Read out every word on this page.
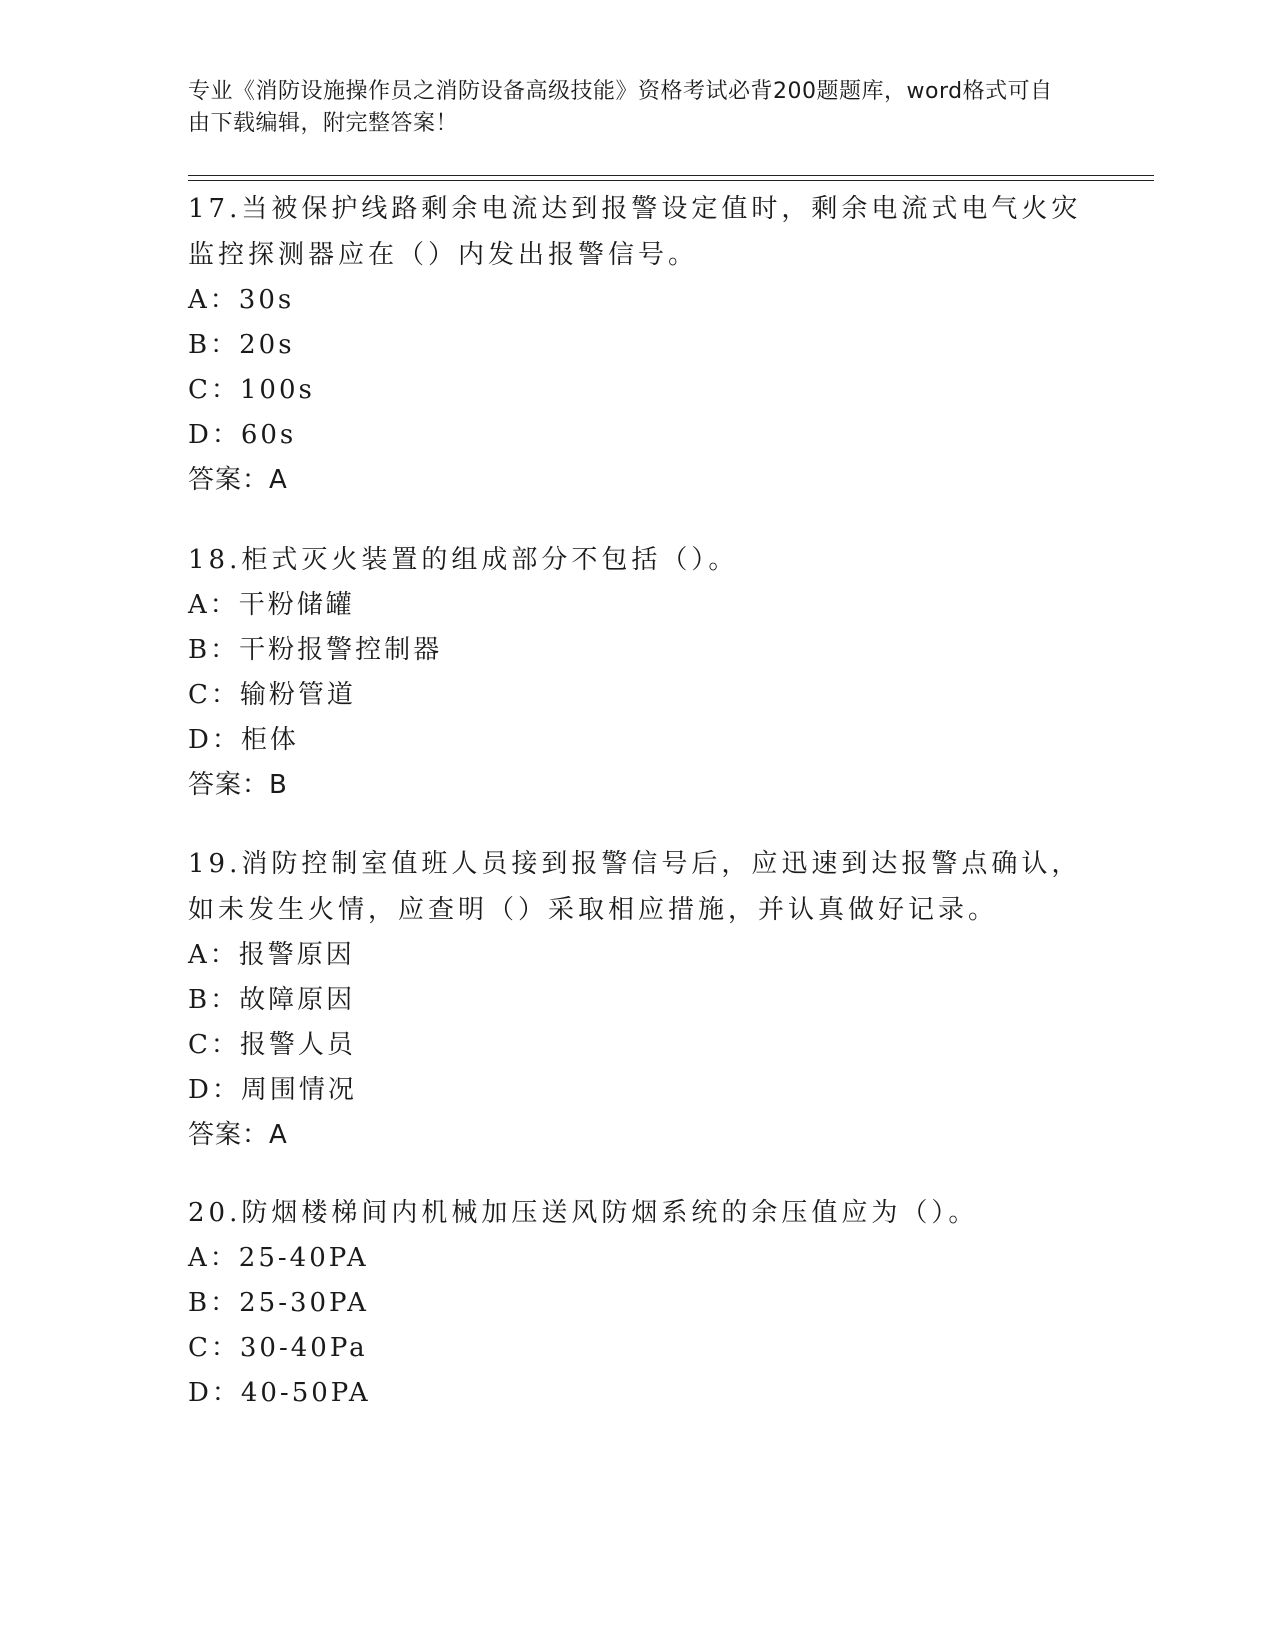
专业《消防设施操作员之消防设备高级技能》资格考试必背200题题库，word格式可自由下载编辑，附完整答案！
17.当被保护线路剩余电流达到报警设定值时，剩余电流式电气火灾监控探测器应在（）内发出报警信号。
A：30s
B：20s
C：100s
D：60s
答案：A
18.柜式灭火装置的组成部分不包括（）。
A：干粉储罐
B：干粉报警控制器
C：输粉管道
D：柜体
答案：B
19.消防控制室值班人员接到报警信号后，应迅速到达报警点确认，如未发生火情，应查明（）采取相应措施，并认真做好记录。
A：报警原因
B：故障原因
C：报警人员
D：周围情况
答案：A
20.防烟楼梯间内机械加压送风防烟系统的余压值应为（）。
A：25-40PA
B：25-30PA
C：30-40Pa
D：40-50PA
